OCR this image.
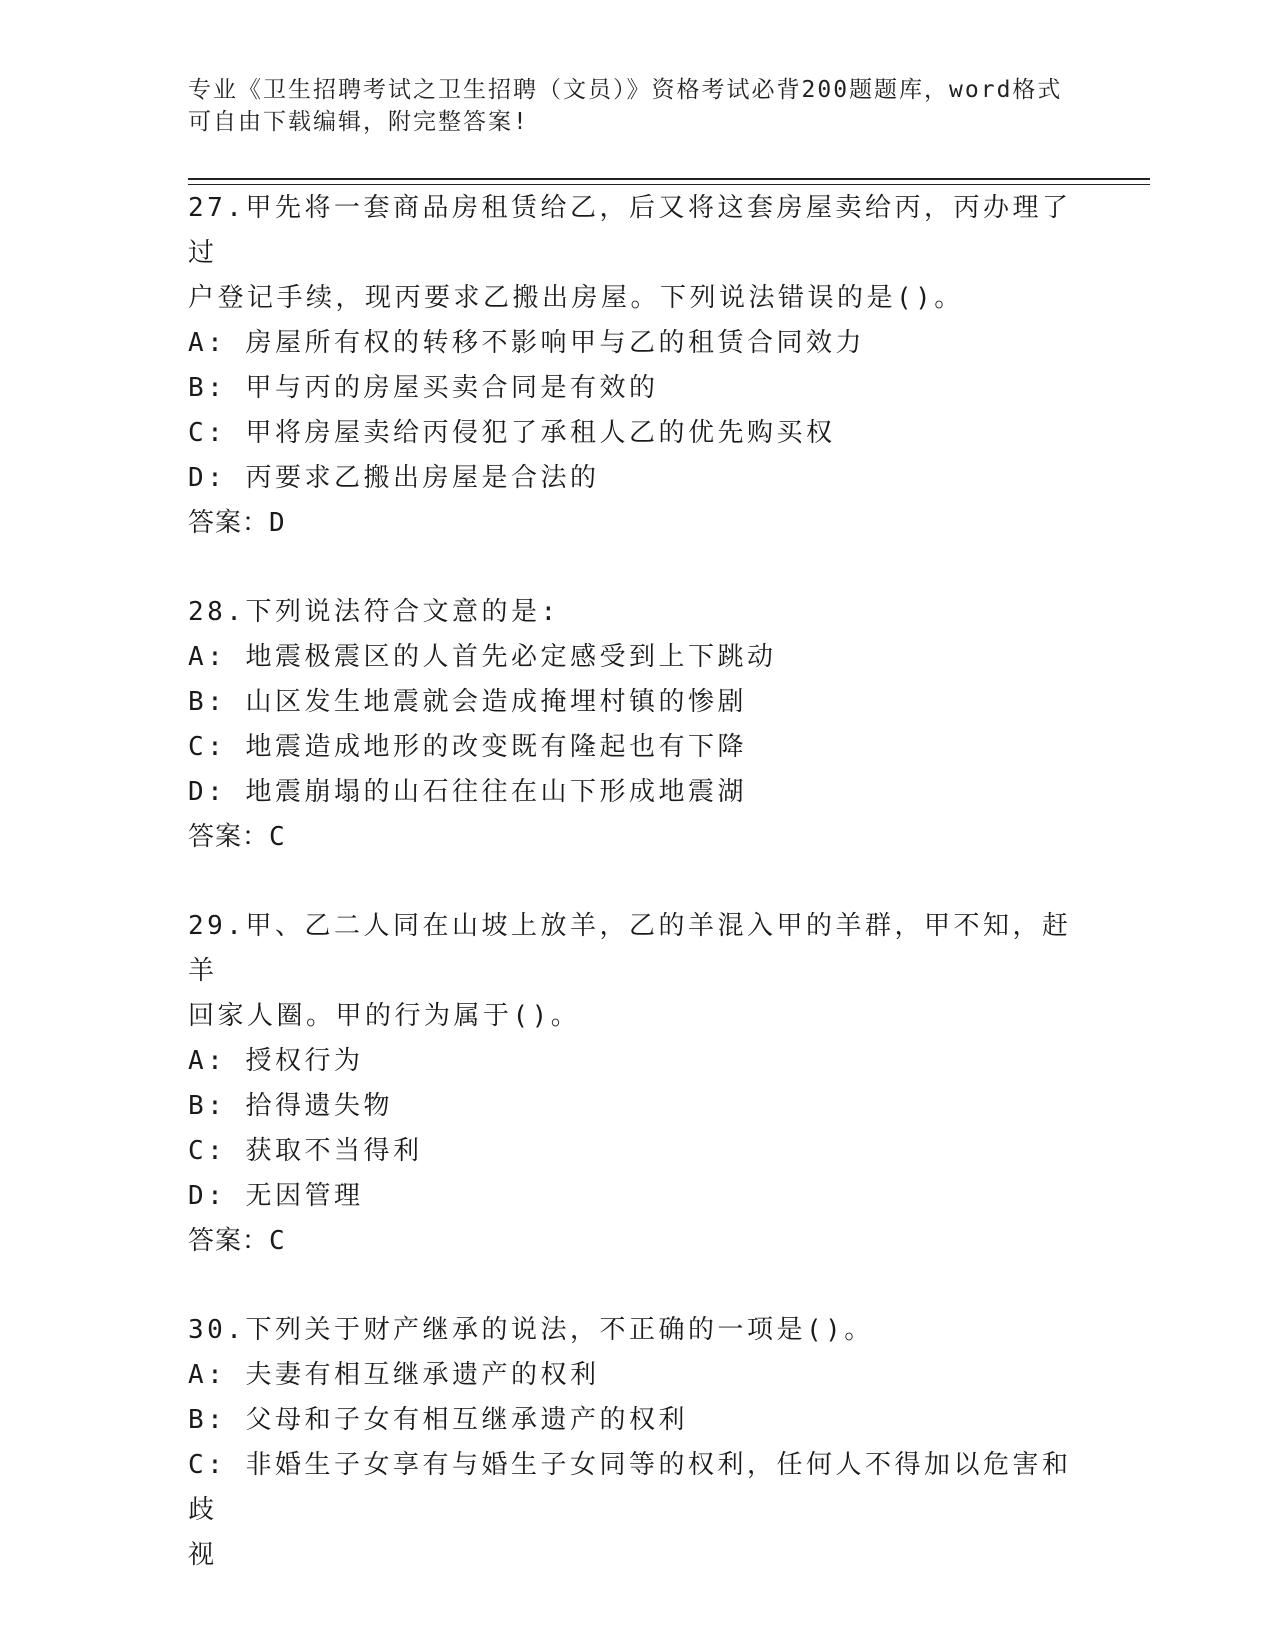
专业《卫生招聘考试之卫生招聘（文员）》资格考试必背200题题库，word格式
可自由下载编辑，附完整答案!
27.甲先将一套商品房租赁给乙，后又将这套房屋卖给丙，丙办理了过
户登记手续，现丙要求乙搬出房屋。下列说法错误的是()。
A: 房屋所有权的转移不影响甲与乙的租赁合同效力
B: 甲与丙的房屋买卖合同是有效的
C: 甲将房屋卖给丙侵犯了承租人乙的优先购买权
D: 丙要求乙搬出房屋是合法的
答案：D
28.下列说法符合文意的是:
A: 地震极震区的人首先必定感受到上下跳动
B: 山区发生地震就会造成掩埋村镇的惨剧
C: 地震造成地形的改变既有隆起也有下降
D: 地震崩塌的山石往往在山下形成地震湖
答案：C
29.甲、乙二人同在山坡上放羊，乙的羊混入甲的羊群，甲不知，赶羊
回家人圈。甲的行为属于()。
A: 授权行为
B: 拾得遗失物
C: 获取不当得利
D: 无因管理
答案：C
30.下列关于财产继承的说法，不正确的一项是()。
A: 夫妻有相互继承遗产的权利
B: 父母和子女有相互继承遗产的权利
C: 非婚生子女享有与婚生子女同等的权利，任何人不得加以危害和歧
视
